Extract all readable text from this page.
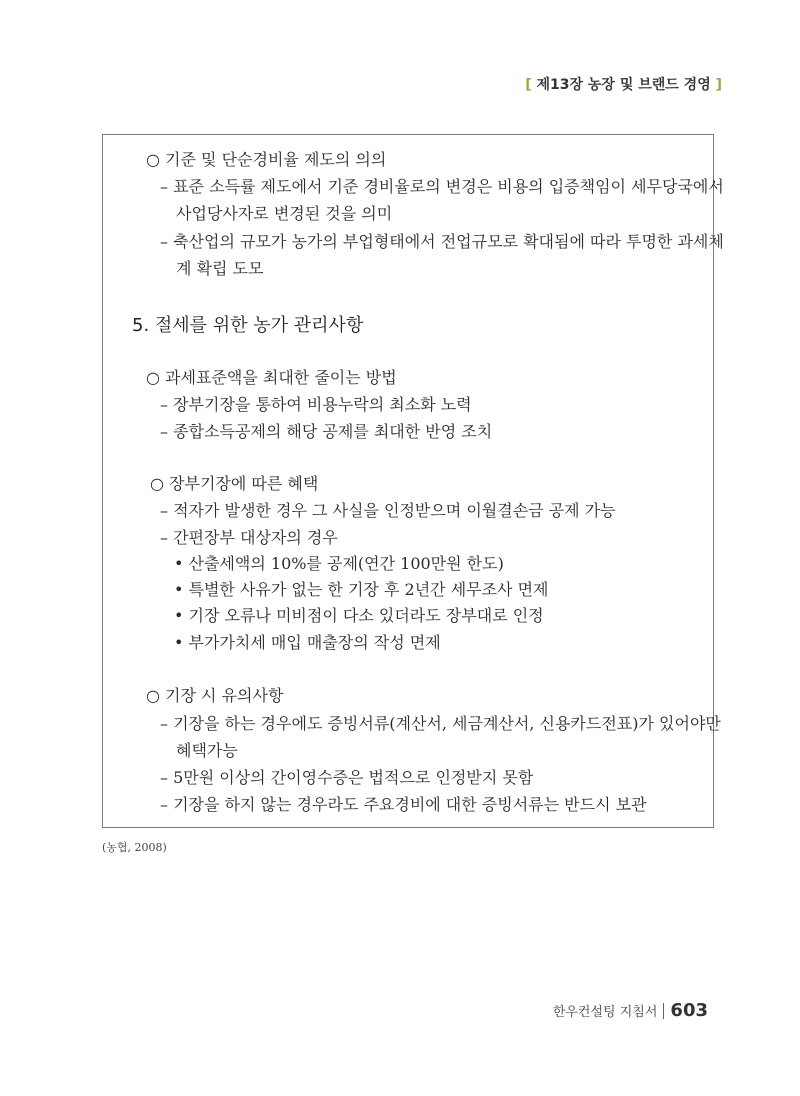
[ 제13장 농장 및 브랜드 경영 ]
○ 기준 및 단순경비율 제도의 의의
– 표준 소득률 제도에서 기준 경비율로의 변경은 비용의 입증책임이 세무당국에서
사업당사자로 변경된 것을 의미
– 축산업의 규모가 농가의 부업형태에서 전업규모로 확대됨에 따라 투명한 과세체
계 확립 도모
5. 절세를 위한 농가 관리사항
○ 과세표준액을 최대한 줄이는 방법
– 장부기장을 통하여 비용누락의 최소화 노력
– 종합소득공제의 해당 공제를 최대한 반영 조치
○ 장부기장에 따른 혜택
– 적자가 발생한 경우 그 사실을 인정받으며 이월결손금 공제 가능
– 간편장부 대상자의 경우
• 산출세액의 10%를 공제(연간 100만원 한도)
• 특별한 사유가 없는 한 기장 후 2년간 세무조사 면제
• 기장 오류나 미비점이 다소 있더라도 장부대로 인정
• 부가가치세 매입 매출장의 작성 면제
○ 기장 시 유의사항
– 기장을 하는 경우에도 증빙서류(계산서, 세금계산서, 신용카드전표)가 있어야만
혜택가능
– 5만원 이상의 간이영수증은 법적으로 인정받지 못함
– 기장을 하지 않는 경우라도 주요경비에 대한 증빙서류는 반드시 보관
(농협, 2008)
한우컨설팅 지침서 603
